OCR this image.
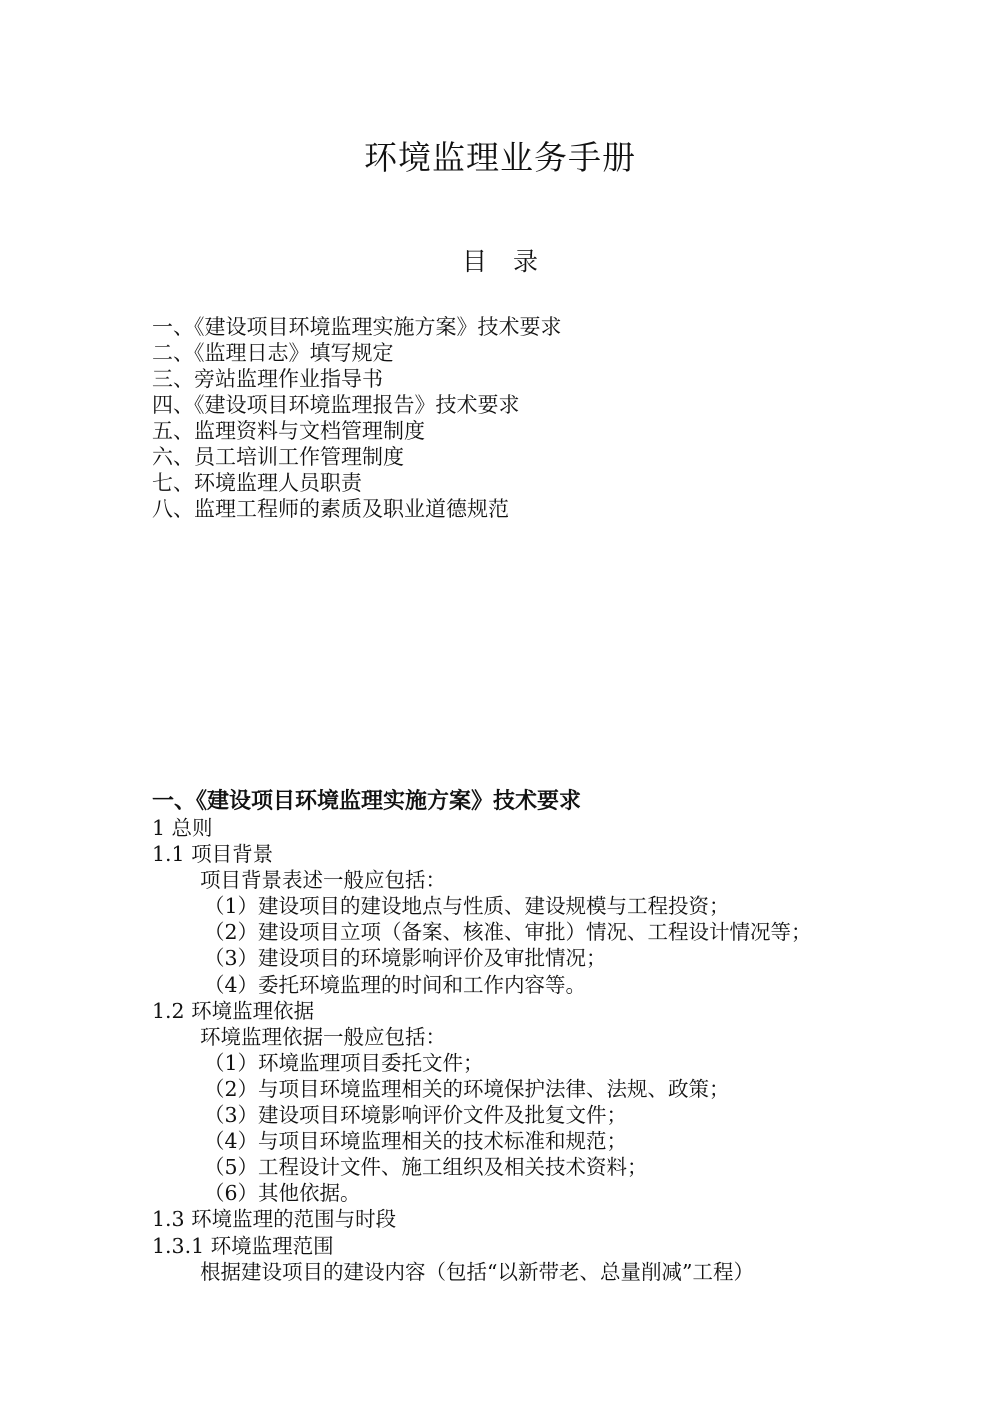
环境监理业务手册
目 录
一、《建设项目环境监理实施方案》技术要求
二、《监理日志》填写规定
三、旁站监理作业指导书
四、《建设项目环境监理报告》技术要求
五、监理资料与文档管理制度
六、员工培训工作管理制度
七、环境监理人员职责
八、监理工程师的素质及职业道德规范
一、《建设项目环境监理实施方案》技术要求
1 总则
1.1 项目背景
项目背景表述一般应包括：
（1）建设项目的建设地点与性质、建设规模与工程投资；
（2）建设项目立项（备案、核准、审批）情况、工程设计情况等；
（3）建设项目的环境影响评价及审批情况；
（4）委托环境监理的时间和工作内容等。
1.2 环境监理依据
环境监理依据一般应包括：
（1）环境监理项目委托文件；
（2）与项目环境监理相关的环境保护法律、法规、政策；
（3）建设项目环境影响评价文件及批复文件；
（4）与项目环境监理相关的技术标准和规范；
（5）工程设计文件、施工组织及相关技术资料；
（6）其他依据。
1.3 环境监理的范围与时段
1.3.1 环境监理范围
根据建设项目的建设内容（包括“以新带老、总量削减”工程）
